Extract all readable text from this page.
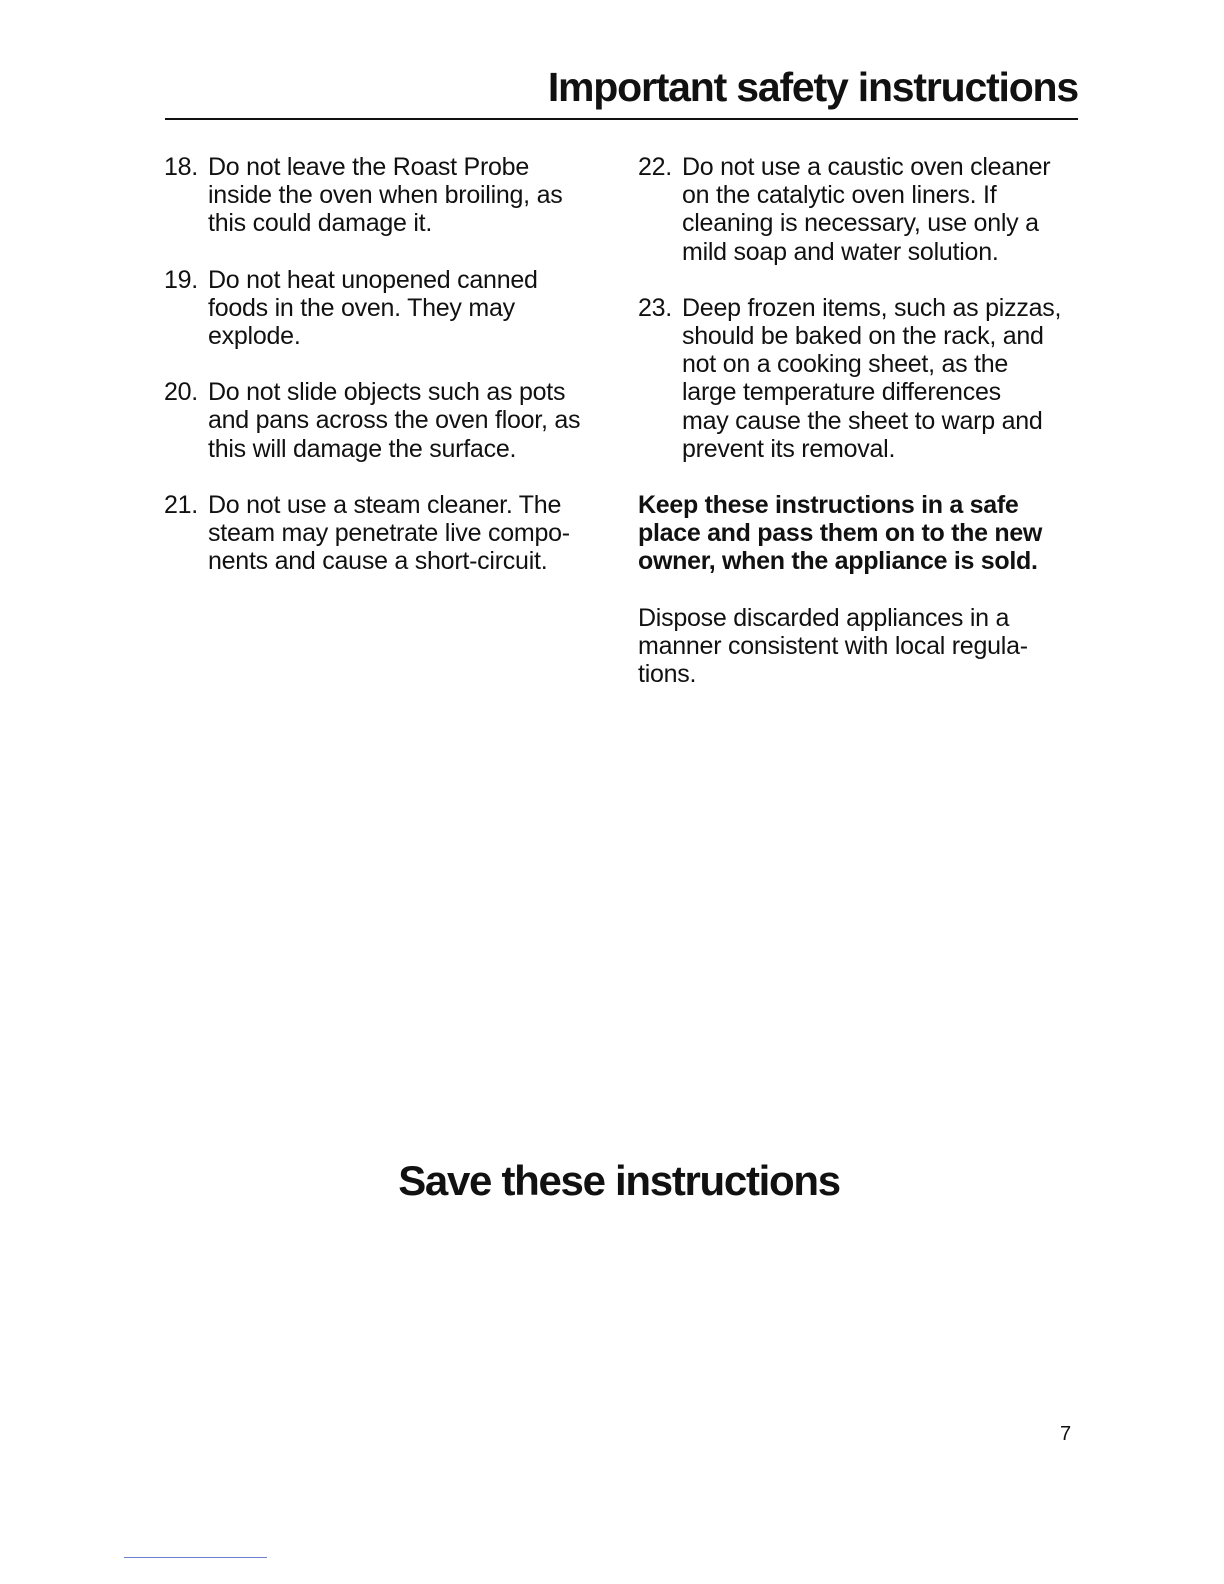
Important safety instructions
18. Do not leave the Roast Probe
inside the oven when broiling, as
this could damage it.
19. Do not heat unopened canned
foods in the oven. They may
explode.
20. Do not slide objects such as pots
and pans across the oven floor, as
this will damage the surface.
21. Do not use a steam cleaner. The
steam may penetrate live compo-
nents and cause a short-circuit.
22. Do not use a caustic oven cleaner
on the catalytic oven liners. If
cleaning is necessary, use only a
mild soap and water solution.
23. Deep frozen items, such as pizzas,
should be baked on the rack, and
not on a cooking sheet, as the
large temperature differences
may cause the sheet to warp and
prevent its removal.

Keep these instructions in a safe
place and pass them on to the new
owner, when the appliance is sold.

Dispose discarded appliances in a
manner consistent with local regula-
tions.

Save these instructions
7
